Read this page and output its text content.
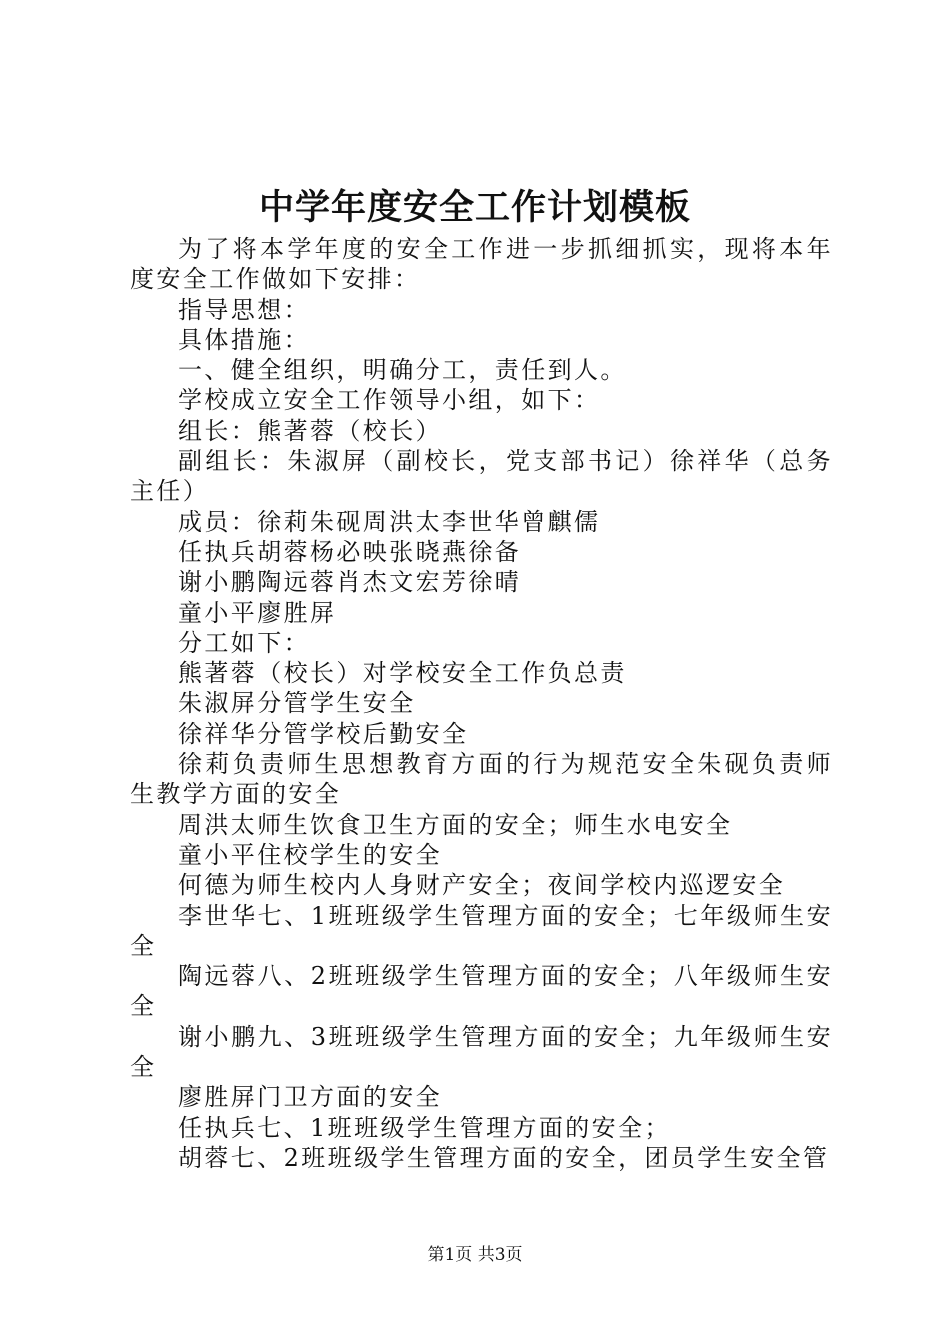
中学年度安全工作计划模板

为了将本学年度的安全工作进一步抓细抓实，现将本年度安全工作做如下安排：

指导思想：

具体措施：

一、健全组织，明确分工，责任到人。

学校成立安全工作领导小组，如下：

组长：熊著蓉（校长）

副组长：朱淑屏（副校长，党支部书记）徐祥华（总务主任）

成员：徐莉朱砚周洪太李世华曾麒儒

任执兵胡蓉杨必映张晓燕徐备

谢小鹏陶远蓉肖杰文宏芳徐晴

童小平廖胜屏

分工如下：

熊著蓉（校长）对学校安全工作负总责

朱淑屏分管学生安全

徐祥华分管学校后勤安全

徐莉负责师生思想教育方面的行为规范安全朱砚负责师生教学方面的安全

周洪太师生饮食卫生方面的安全；师生水电安全

童小平住校学生的安全

何德为师生校内人身财产安全；夜间学校内巡逻安全

李世华七、1班班级学生管理方面的安全；七年级师生安全

陶远蓉八、2班班级学生管理方面的安全；八年级师生安全

谢小鹏九、3班班级学生管理方面的安全；九年级师生安全

廖胜屏门卫方面的安全

任执兵七、1班班级学生管理方面的安全；

胡蓉七、2班班级学生管理方面的安全，团员学生安全管

第1页 共3页
